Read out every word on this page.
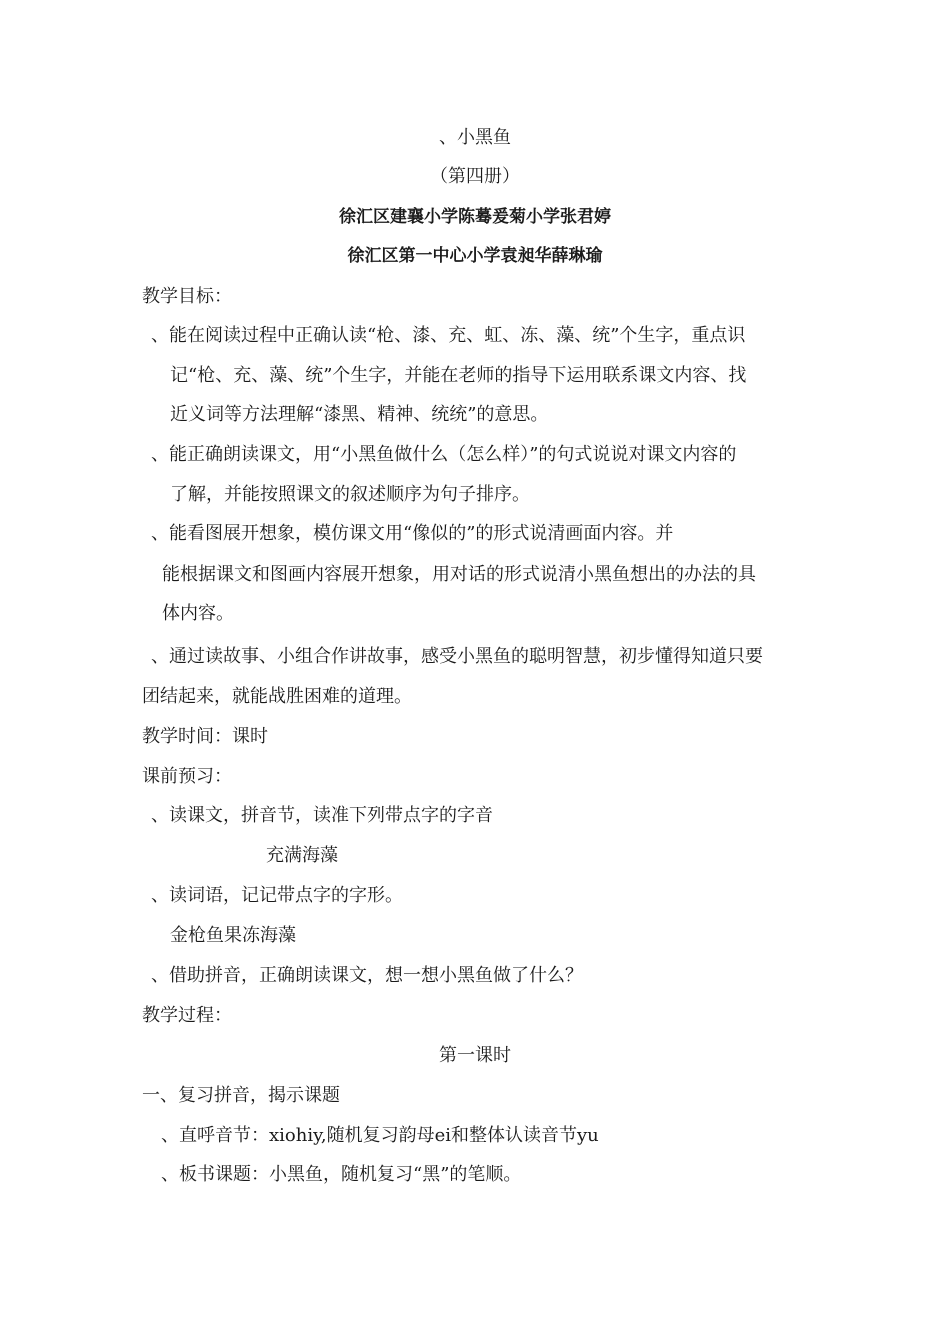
、小黑鱼
（第四册）
徐汇区建襄小学陈蓦爰菊小学张君婷
徐汇区第一中心小学袁昶华薛琳瑜
教学目标：
、能在阅读过程中正确认读“枪、漆、充、虹、冻、藻、统”个生字，重点识
记“枪、充、藻、统”个生字，并能在老师的指导下运用联系课文内容、找
近义词等方法理解“漆黑、精神、统统”的意思。
、能正确朗读课文，用“小黑鱼做什么（怎么样）”的句式说说对课文内容的
了解，并能按照课文的叙述顺序为句子排序。
、能看图展开想象，模仿课文用“像似的”的形式说清画面内容。并
能根据课文和图画内容展开想象，用对话的形式说清小黑鱼想出的办法的具
体内容。
、通过读故事、小组合作讲故事，感受小黑鱼的聪明智慧，初步懂得知道只要
团结起来，就能战胜困难的道理。
教学时间：课时
课前预习：
、读课文，拼音节，读准下列带点字的字音
充满海藻
、读词语，记记带点字的字形。
金枪鱼果冻海藻
、借助拼音，正确朗读课文，想一想小黑鱼做了什么？
教学过程：
第一课时
一、复习拼音，揭示课题
、直呼音节：xiohiy,随机复习韵母ei和整体认读音节yu
、板书课题：小黑鱼，随机复习“黑”的笔顺。
